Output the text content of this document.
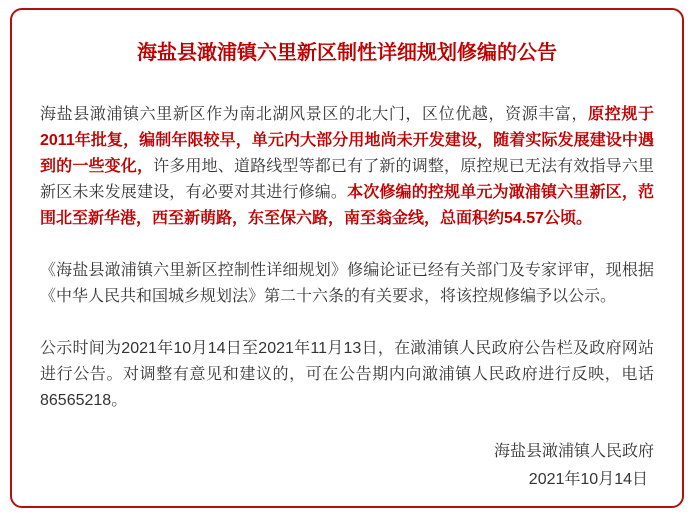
海盐县澉浦镇六里新区制性详细规划修编的公告

海盐县澉浦镇六里新区作为南北湖风景区的北大门，区位优越，资源丰富，原控规于2011年批复，编制年限较早，单元内大部分用地尚未开发建设，随着实际发展建设中遇到的一些变化，许多用地、道路线型等都已有了新的调整，原控规已无法有效指导六里新区未来发展建设，有必要对其进行修编。本次修编的控规单元为澉浦镇六里新区，范围北至新华港，西至新萌路，东至保六路，南至翁金线，总面积约54.57公顷。

《海盐县澉浦镇六里新区控制性详细规划》修编论证已经有关部门及专家评审，现根据《中华人民共和国城乡规划法》第二十六条的有关要求，将该控规修编予以公示。

公示时间为2021年10月14日至2021年11月13日，在澉浦镇人民政府公告栏及政府网站进行公告。对调整有意见和建议的，可在公告期内向澉浦镇人民政府进行反映，电话86565218。

海盐县澉浦镇人民政府
2021年10月14日
